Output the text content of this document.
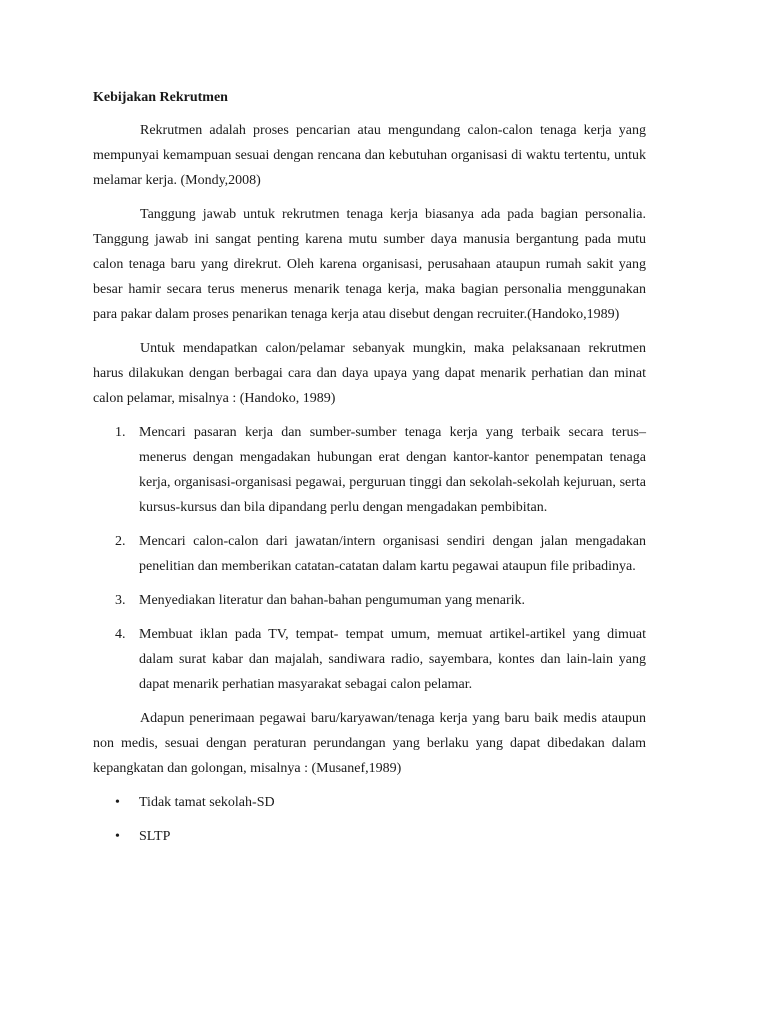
Kebijakan Rekrutmen

Rekrutmen adalah proses pencarian atau mengundang calon-calon tenaga kerja yang mempunyai kemampuan sesuai dengan rencana dan kebutuhan organisasi di waktu tertentu, untuk melamar kerja. (Mondy,2008)

Tanggung jawab untuk rekrutmen tenaga kerja biasanya ada pada bagian personalia. Tanggung jawab ini sangat penting karena mutu sumber daya manusia bergantung pada mutu calon tenaga baru yang direkrut. Oleh karena organisasi, perusahaan ataupun rumah sakit yang besar hamir secara terus menerus menarik tenaga kerja, maka bagian personalia menggunakan para pakar dalam proses penarikan tenaga kerja atau disebut dengan recruiter.(Handoko,1989)

Untuk mendapatkan calon/pelamar sebanyak mungkin, maka pelaksanaan rekrutmen harus dilakukan dengan berbagai cara dan daya upaya yang dapat menarik perhatian dan minat calon pelamar, misalnya : (Handoko, 1989)

1. Mencari pasaran kerja dan sumber-sumber tenaga kerja yang terbaik secara terus– menerus dengan mengadakan hubungan erat dengan kantor-kantor penempatan tenaga kerja, organisasi-organisasi pegawai, perguruan tinggi dan sekolah-sekolah kejuruan, serta kursus-kursus dan bila dipandang perlu dengan mengadakan pembibitan.
2. Mencari calon-calon dari jawatan/intern organisasi sendiri dengan jalan mengadakan penelitian dan memberikan catatan-catatan dalam kartu pegawai ataupun file pribadinya.
3. Menyediakan literatur dan bahan-bahan pengumuman yang menarik.
4. Membuat iklan pada TV, tempat- tempat umum, memuat artikel-artikel yang dimuat dalam surat kabar dan majalah, sandiwara radio, sayembara, kontes dan lain-lain yang dapat menarik perhatian masyarakat sebagai calon pelamar.

Adapun penerimaan pegawai baru/karyawan/tenaga kerja yang baru baik medis ataupun non medis, sesuai dengan peraturan perundangan yang berlaku yang dapat dibedakan dalam kepangkatan dan golongan, misalnya : (Musanef,1989)

• Tidak tamat sekolah-SD
• SLTP
